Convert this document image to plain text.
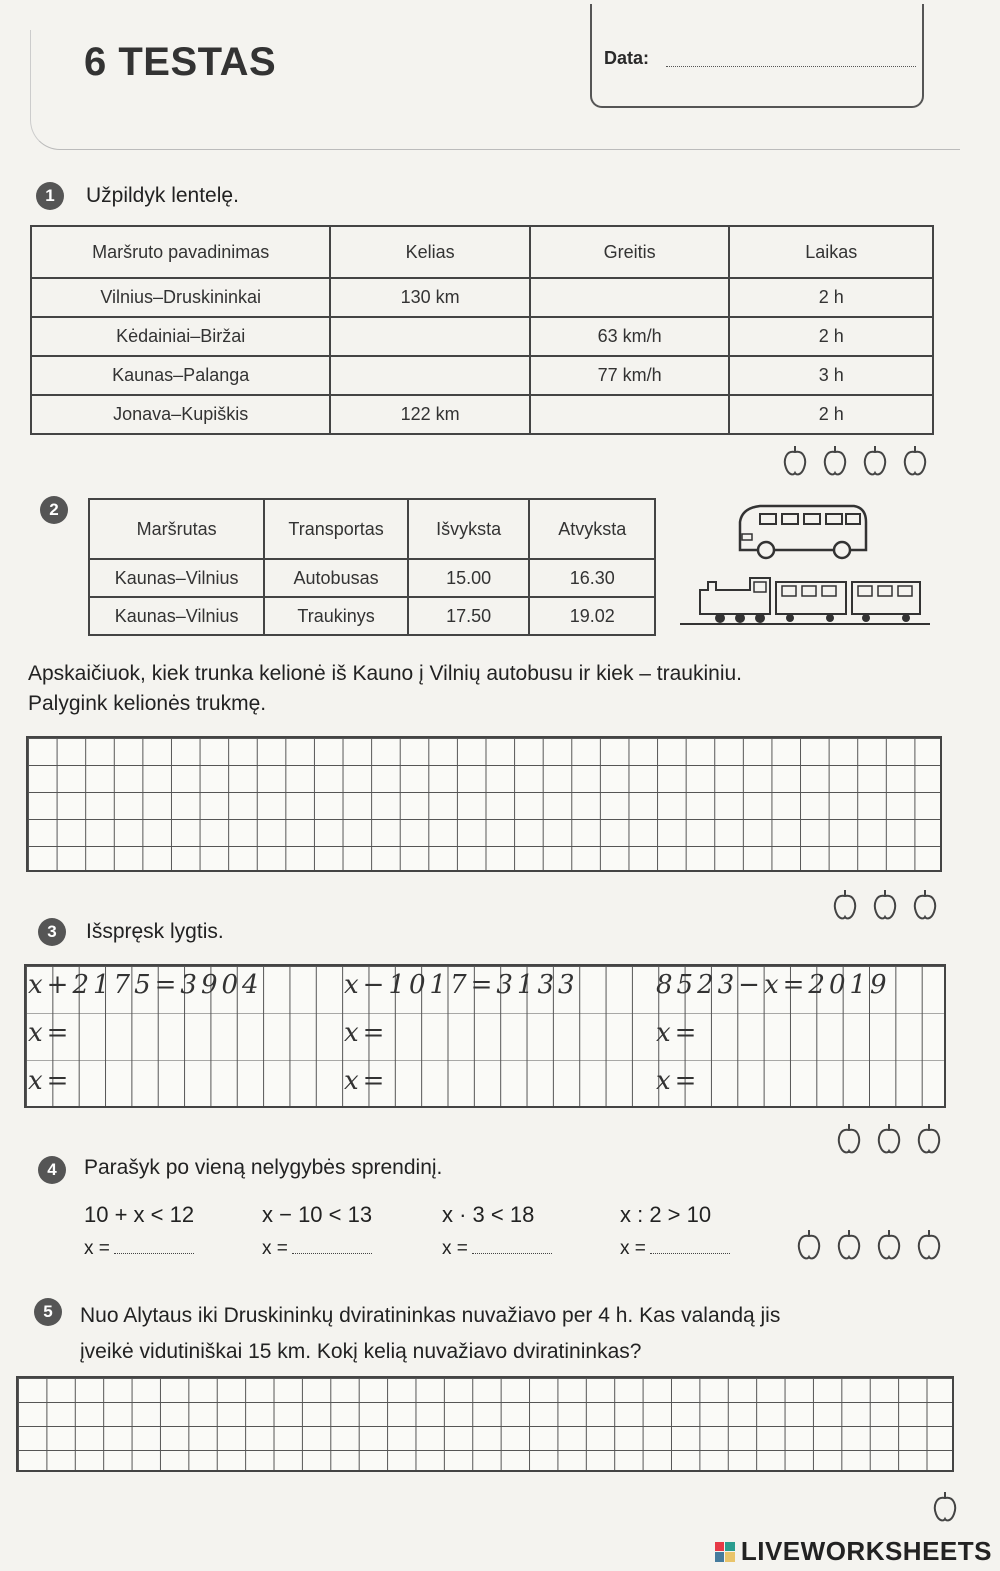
6 TESTAS	Data:
1	Užpildyk lentelę.
Maršruto pavadinimas	Kelias	Greitis	Laikas
Vilnius–Druskininkai	130 km		2 h
Kėdainiai–Biržai		63 km/h	2 h
Kaunas–Palanga		77 km/h	3 h
Jonava–Kupiškis	122 km		2 h
2
Maršrutas	Transportas	Išvyksta	Atvyksta
Kaunas–Vilnius	Autobusas	15.00	16.30
Kaunas–Vilnius	Traukinys	17.50	19.02
Apskaičiuok, kiek trunka kelionė iš Kauno į Vilnių autobusu ir kiek – traukiniu.
Palygink kelionės trukmę.
3	Išspręsk lygtis.
x+2175=3904	x−1017=3133	8523−x=2019
x=	x=	x=
x=	x=	x=
4	Parašyk po vieną nelygybės sprendinį.
10 + x < 12	x − 10 < 13	x · 3 < 18	x : 2 > 10
x =	x =	x =	x =
5	Nuo Alytaus iki Druskininkų dviratininkas nuvažiavo per 4 h. Kas valandą jis
įveikė vidutiniškai 15 km. Kokį kelią nuvažiavo dviratininkas?
LIVEWORKSHEETS
